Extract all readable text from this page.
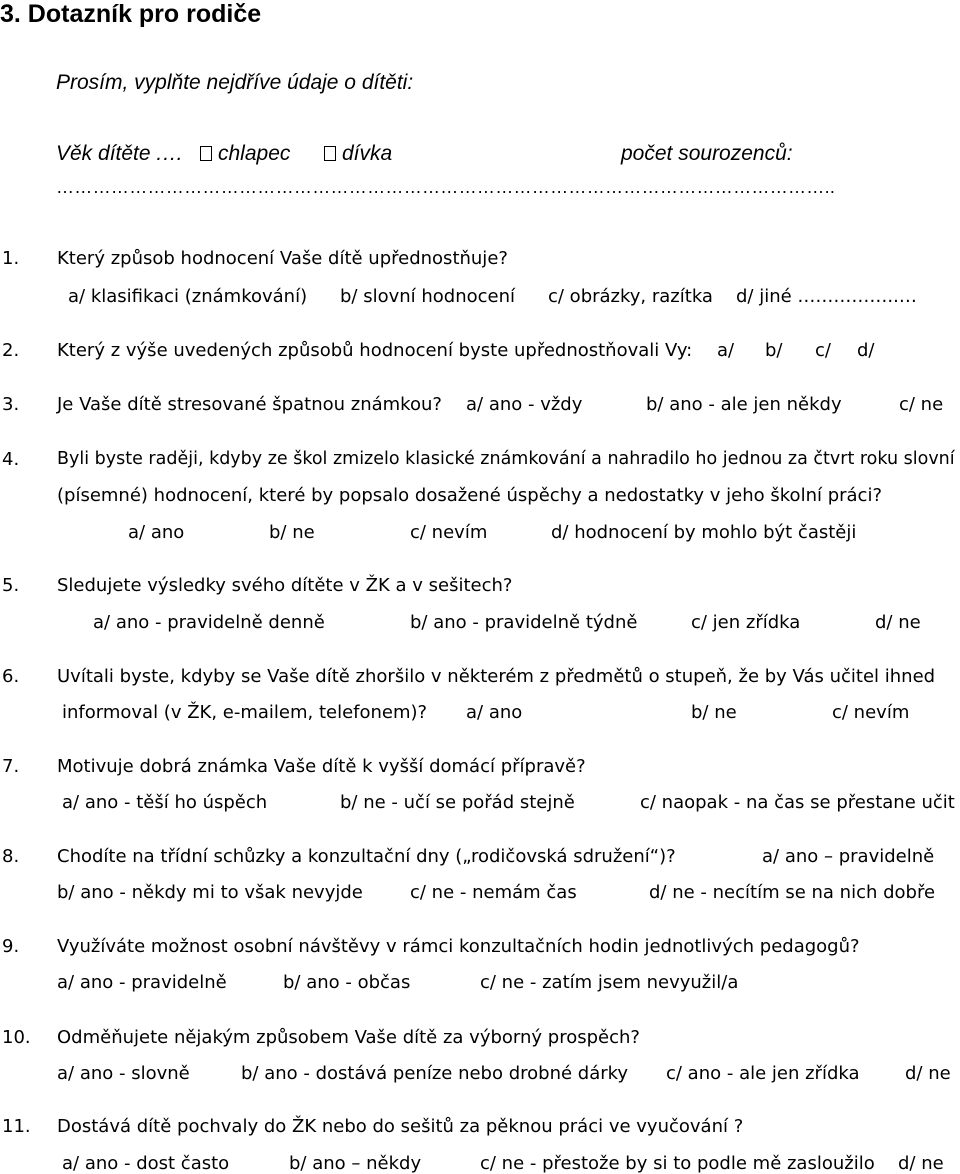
3. Dotazník pro rodiče
Prosím, vyplňte nejdříve údaje o dítěti:
Věk dítěte .…	chlapec	dívka	počet sourozenců:
………………………………………………………………………………………………………………..
1. Který způsob hodnocení Vaše dítě upřednostňuje?
a/ klasifikaci (známkování) b/ slovní hodnocení c/ obrázky, razítka d/ jiné ……………..…
2. Který z výše uvedených způsobů hodnocení byste upřednostňovali Vy: a/ b/ c/ d/
3. Je Vaše dítě stresované špatnou známkou? a/ ano - vždy	b/ ano - ale jen někdy	c/ ne
4. Byli byste raději, kdyby ze škol zmizelo klasické známkování a nahradilo ho jednou za čtvrt roku slovní
(písemné) hodnocení, které by popsalo dosažené úspěchy a nedostatky v jeho školní práci?
a/ ano	b/ ne	c/ nevím	d/ hodnocení by mohlo být častěji
5. Sledujete výsledky svého dítěte v ŽK a v sešitech?
a/ ano - pravidelně denně	b/ ano - pravidelně týdně	c/ jen zřídka	d/ ne
6. Uvítali byste, kdyby se Vaše dítě zhoršilo v některém z předmětů o stupeň, že by Vás učitel ihned
informoval (v ŽK, e-mailem, telefonem)? a/ ano	b/ ne	c/ nevím
7. Motivuje dobrá známka Vaše dítě k vyšší domácí přípravě?
a/ ano - těší ho úspěch	b/ ne - učí se pořád stejně	c/ naopak - na čas se přestane učit
8. Chodíte na třídní schůzky a konzultační dny („rodičovská sdružení“)?	a/ ano – pravidelně
b/ ano - někdy mi to však nevyjde	c/ ne - nemám čas	d/ ne - necítím se na nich dobře
9. Využíváte možnost osobní návštěvy v rámci konzultačních hodin jednotlivých pedagogů?
a/ ano - pravidelně	b/ ano - občas	c/ ne - zatím jsem nevyužil/a
10. Odměňujete nějakým způsobem Vaše dítě za výborný prospěch?
a/ ano - slovně	b/ ano - dostává peníze nebo drobné dárky c/ ano - ale jen zřídka	d/ ne
11. Dostává dítě pochvaly do ŽK nebo do sešitů za pěknou práci ve vyučování ?
a/ ano - dost často	b/ ano – někdy	c/ ne - přestože by si to podle mě zasloužilo d/ ne
